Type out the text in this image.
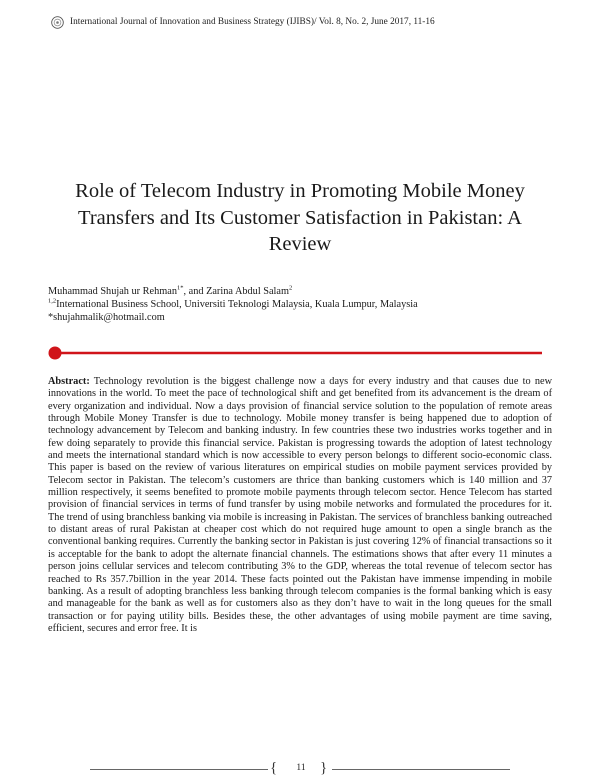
International Journal of Innovation and Business Strategy (IJIBS)/ Vol. 8, No. 2, June 2017, 11-16
Role of Telecom Industry in Promoting Mobile Money Transfers and Its Customer Satisfaction in Pakistan: A Review
Muhammad Shujah ur Rehman$^{1*}$, and Zarina Abdul Salam$^2$
$^{1,2}$International Business School, Universiti Teknologi Malaysia, Kuala Lumpur, Malaysia
*shujahmalik@hotmail.com
Abstract: Technology revolution is the biggest challenge now a days for every industry and that causes due to new innovations in the world. To meet the pace of technological shift and get benefited from its advancement is the dream of every organization and individual. Now a days provision of financial service solution to the population of remote areas through Mobile Money Transfer is due to technology. Mobile money transfer is being happened due to adoption of technology advancement by Telecom and banking industry. In few countries these two industries works together and in few doing separately to provide this financial service. Pakistan is progressing towards the adoption of latest technology and meets the international standard which is now accessible to every person belongs to different socio-economic class. This paper is based on the review of various literatures on empirical studies on mobile payment services provided by Telecom sector in Pakistan. The telecom’s customers are thrice than banking customers which is 140 million and 37 million respectively, it seems benefited to promote mobile payments through telecom sector. Hence Telecom has started provision of financial services in terms of fund transfer by using mobile networks and formulated the procedures for it. The trend of using branchless banking via mobile is increasing in Pakistan. The services of branchless banking outreached to distant areas of rural Pakistan at cheaper cost which do not required huge amount to open a single branch as the conventional banking requires. Currently the banking sector in Pakistan is just covering 12% of financial transactions so it is acceptable for the bank to adopt the alternate financial channels. The estimations shows that after every 11 minutes a person joins cellular services and telecom contributing 3% to the GDP, whereas the total revenue of telecom sector has reached to Rs 357.7billion in the year 2014. These facts pointed out the Pakistan have immense impending in mobile banking. As a result of adopting branchless less banking through telecom companies is the formal banking which is easy and manageable for the bank as well as for customers also as they don’t have to wait in the long queues for the small transaction or for paying utility bills. Besides these, the other advantages of using mobile payment are time saving, efficient, secures and error free. It is
{	11 }
